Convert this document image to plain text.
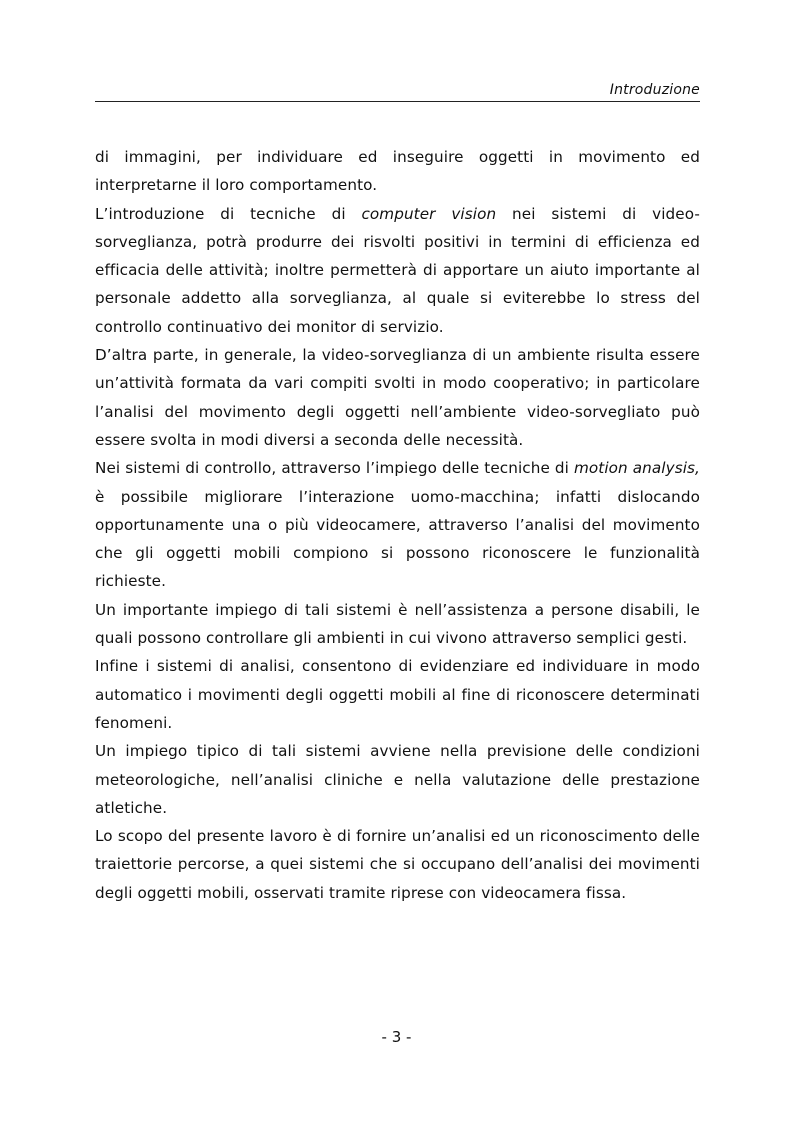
Introduzione

di immagini, per individuare ed inseguire oggetti in movimento ed interpretarne il loro comportamento.

L’introduzione di tecniche di computer vision nei sistemi di video-sorveglianza, potrà produrre dei risvolti positivi in termini di efficienza ed efficacia delle attività; inoltre permetterà di apportare un aiuto importante al personale addetto alla sorveglianza, al quale si eviterebbe lo stress del controllo continuativo dei monitor di servizio.

D’altra parte, in generale, la video-sorveglianza di un ambiente risulta essere un’attività formata da vari compiti svolti in modo cooperativo; in particolare l’analisi del movimento degli oggetti nell’ambiente video-sorvegliato può essere svolta in modi diversi a seconda delle necessità.

Nei sistemi di controllo, attraverso l’impiego delle tecniche di motion analysis, è possibile migliorare l’interazione uomo-macchina; infatti dislocando opportunamente una o più videocamere, attraverso l’analisi del movimento che gli oggetti mobili compiono si possono riconoscere le funzionalità richieste.

Un importante impiego di tali sistemi è nell’assistenza a persone disabili, le quali possono controllare gli ambienti in cui vivono attraverso semplici gesti.

Infine i sistemi di analisi, consentono di evidenziare ed individuare in modo automatico i movimenti degli oggetti mobili al fine di riconoscere determinati fenomeni.

Un impiego tipico di tali sistemi avviene nella previsione delle condizioni meteorologiche, nell’analisi cliniche e nella valutazione delle prestazione atletiche.

Lo scopo del presente lavoro è di fornire un’analisi ed un riconoscimento delle traiettorie percorse, a quei sistemi che si occupano dell’analisi dei movimenti degli oggetti mobili, osservati tramite riprese con videocamera fissa.

- 3 -
